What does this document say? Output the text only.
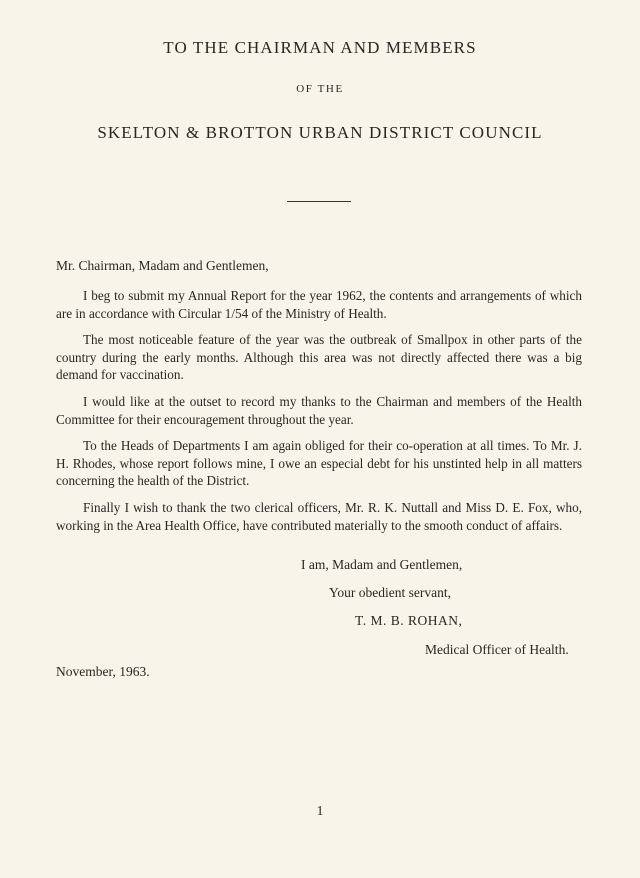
TO THE CHAIRMAN AND MEMBERS
OF THE
SKELTON & BROTTON URBAN DISTRICT COUNCIL
Mr. Chairman, Madam and Gentlemen,

I beg to submit my Annual Report for the year 1962, the contents and arrangements of which are in accordance with Circular 1/54 of the Ministry of Health.

The most noticeable feature of the year was the outbreak of Smallpox in other parts of the country during the early months. Although this area was not directly affected there was a big demand for vaccination.

I would like at the outset to record my thanks to the Chairman and members of the Health Committee for their encouragement throughout the year.

To the Heads of Departments I am again obliged for their co-operation at all times. To Mr. J. H. Rhodes, whose report follows mine, I owe an especial debt for his unstinted help in all matters concerning the health of the District.

Finally I wish to thank the two clerical officers, Mr. R. K. Nuttall and Miss D. E. Fox, who, working in the Area Health Office, have contributed materially to the smooth conduct of affairs.

I am, Madam and Gentlemen,
Your obedient servant,
T. M. B. ROHAN,
Medical Officer of Health.
November, 1963.
1
